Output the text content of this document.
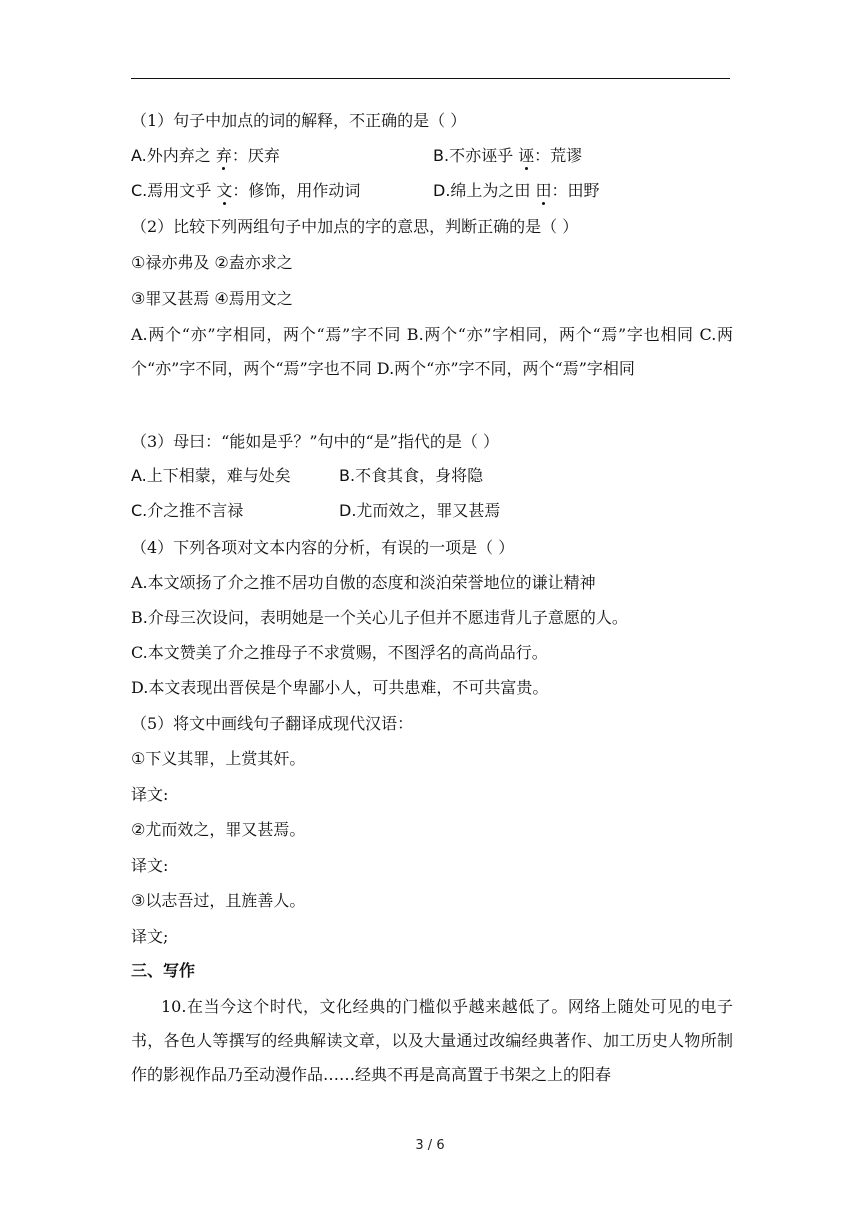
（1）句子中加点的词的解释，不正确的是（ ）
A.外内弃之 弃：厌弃	B.不亦诬乎 诬：荒谬
C.焉用文乎 文：修饰，用作动词	D.绵上为之田 田：田野
（2）比较下列两组句子中加点的字的意思，判断正确的是（ ）
①禄亦弗及 ②盍亦求之
③罪又甚焉 ④焉用文之
A.两个“亦”字相同，两个“焉”字不同 B.两个“亦”字相同，两个“焉”字也相同 C.两个“亦”字不同，两个“焉”字也不同 D.两个“亦”字不同，两个“焉”字相同
（3）母曰：“能如是乎？”句中的“是”指代的是（ ）
A.上下相蒙，难与处矣	B.不食其食，身将隐
C.介之推不言禄	D.尤而效之，罪又甚焉
（4）下列各项对文本内容的分析，有误的一项是（ ）
A.本文颂扬了介之推不居功自傲的态度和淡泊荣誉地位的谦让精神
B.介母三次设问，表明她是一个关心儿子但并不愿违背儿子意愿的人。
C.本文赞美了介之推母子不求赏赐，不图浮名的高尚品行。
D.本文表现出晋侯是个卑鄙小人，可共患难，不可共富贵。
（5）将文中画线句子翻译成现代汉语：
①下义其罪，上赏其奸。
译文:
②尤而效之，罪又甚焉。
译文:
③以志吾过，且旌善人。
译文;
三、写作
10.在当今这个时代，文化经典的门槛似乎越来越低了。网络上随处可见的电子书，各色人等撰写的经典解读文章，以及大量通过改编经典著作、加工历史人物所制作的影视作品乃至动漫作品……经典不再是高高置于书架之上的阳春
3 / 6
